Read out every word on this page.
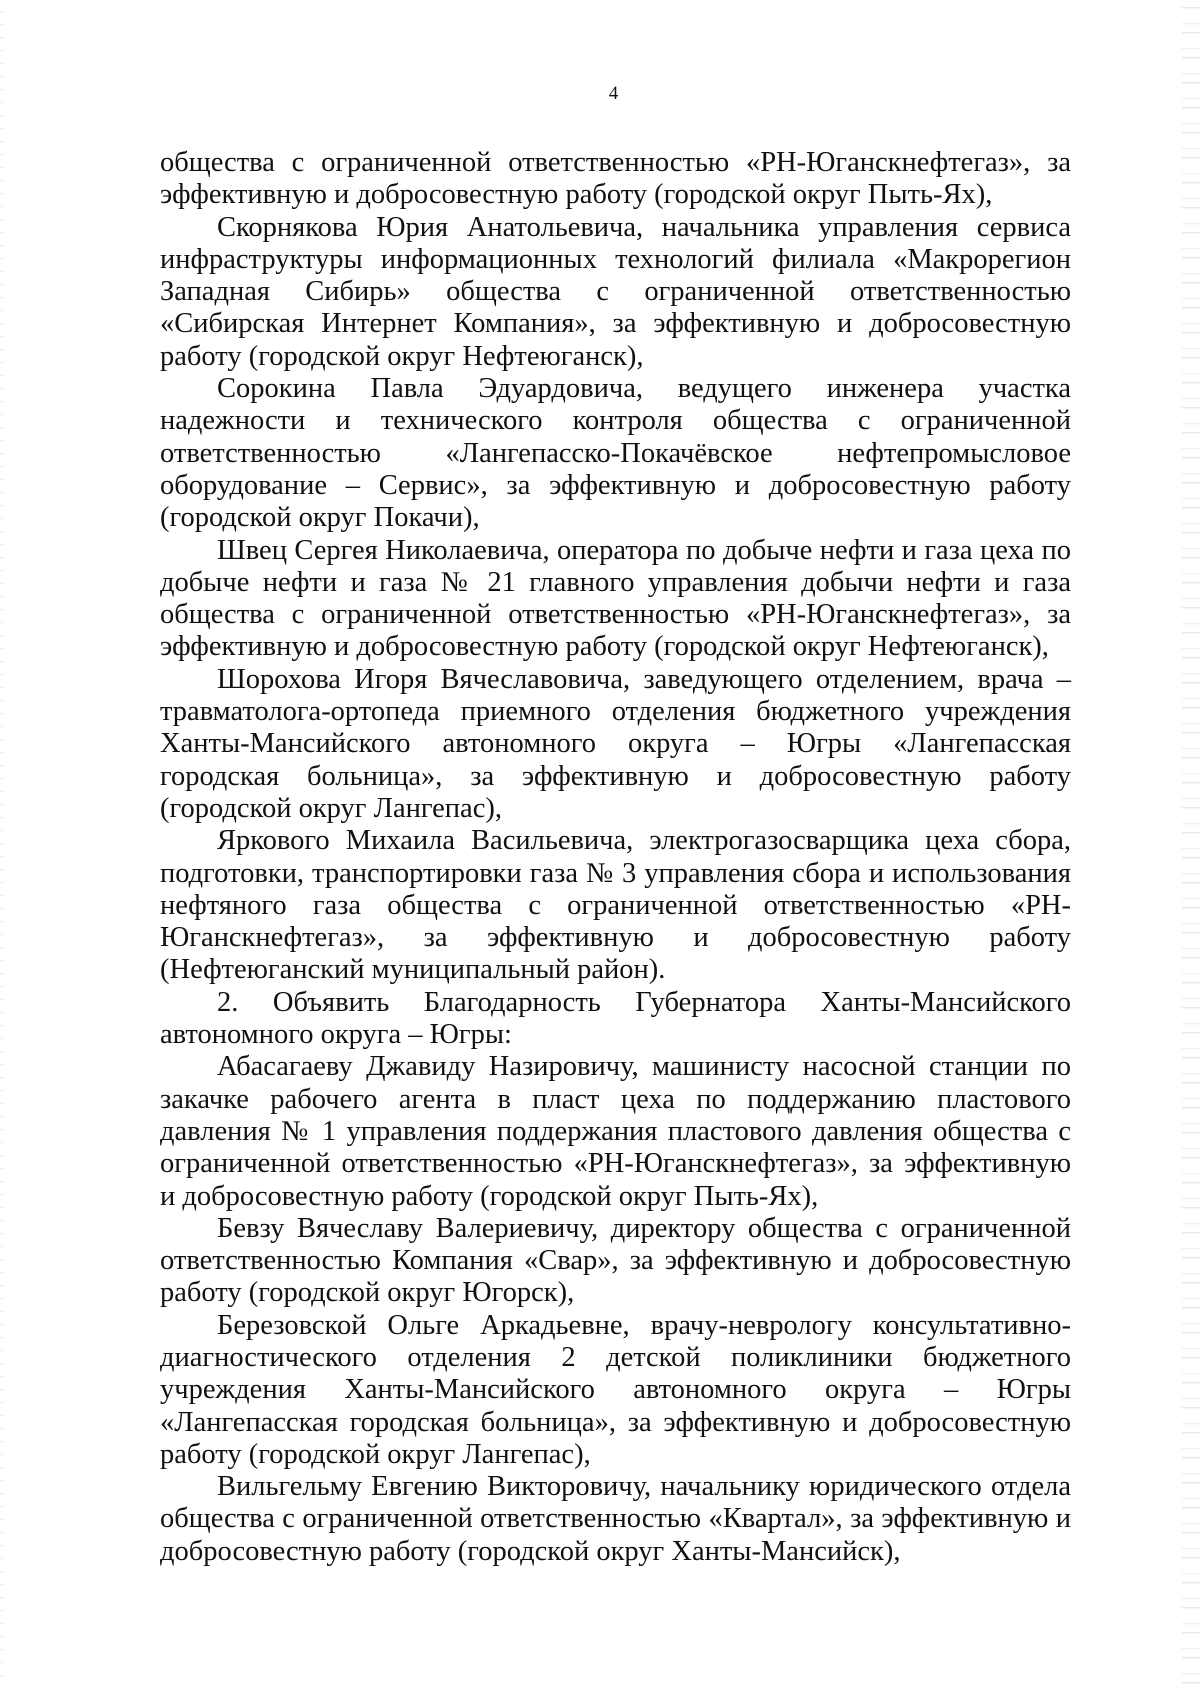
4

общества с ограниченной ответственностью «РН-Юганскнефтегаз», за эффективную и добросовестную работу (городской округ Пыть-Ях),

Скорнякова Юрия Анатольевича, начальника управления сервиса инфраструктуры информационных технологий филиала «Макрорегион Западная Сибирь» общества с ограниченной ответственностью «Сибирская Интернет Компания», за эффективную и добросовестную работу (городской округ Нефтеюганск),

Сорокина Павла Эдуардовича, ведущего инженера участка надежности и технического контроля общества с ограниченной ответственностью «Лангепасско-Покачёвское нефтепромысловое оборудование – Сервис», за эффективную и добросовестную работу (городской округ Покачи),

Швец Сергея Николаевича, оператора по добыче нефти и газа цеха по добыче нефти и газа № 21 главного управления добычи нефти и газа общества с ограниченной ответственностью «РН-Юганскнефтегаз», за эффективную и добросовестную работу (городской округ Нефтеюганск),

Шорохова Игоря Вячеславовича, заведующего отделением, врача – травматолога-ортопеда приемного отделения бюджетного учреждения Ханты-Мансийского автономного округа – Югры «Лангепасская городская больница», за эффективную и добросовестную работу (городской округ Лангепас),

Яркового Михаила Васильевича, электрогазосварщика цеха сбора, подготовки, транспортировки газа № 3 управления сбора и использования нефтяного газа общества с ограниченной ответственностью «РН-Юганскнефтегаз», за эффективную и добросовестную работу (Нефтеюганский муниципальный район).

2. Объявить Благодарность Губернатора Ханты-Мансийского автономного округа – Югры:

Абасагаеву Джавиду Назировичу, машинисту насосной станции по закачке рабочего агента в пласт цеха по поддержанию пластового давления № 1 управления поддержания пластового давления общества с ограниченной ответственностью «РН-Юганскнефтегаз», за эффективную и добросовестную работу (городской округ Пыть-Ях),

Бевзу Вячеславу Валериевичу, директору общества с ограниченной ответственностью Компания «Свар», за эффективную и добросовестную работу (городской округ Югорск),

Березовской Ольге Аркадьевне, врачу-неврологу консультативно-диагностического отделения 2 детской поликлиники бюджетного учреждения Ханты-Мансийского автономного округа – Югры «Лангепасская городская больница», за эффективную и добросовестную работу (городской округ Лангепас),

Вильгельму Евгению Викторовичу, начальнику юридического отдела общества с ограниченной ответственностью «Квартал», за эффективную и добросовестную работу (городской округ Ханты-Мансийск),
